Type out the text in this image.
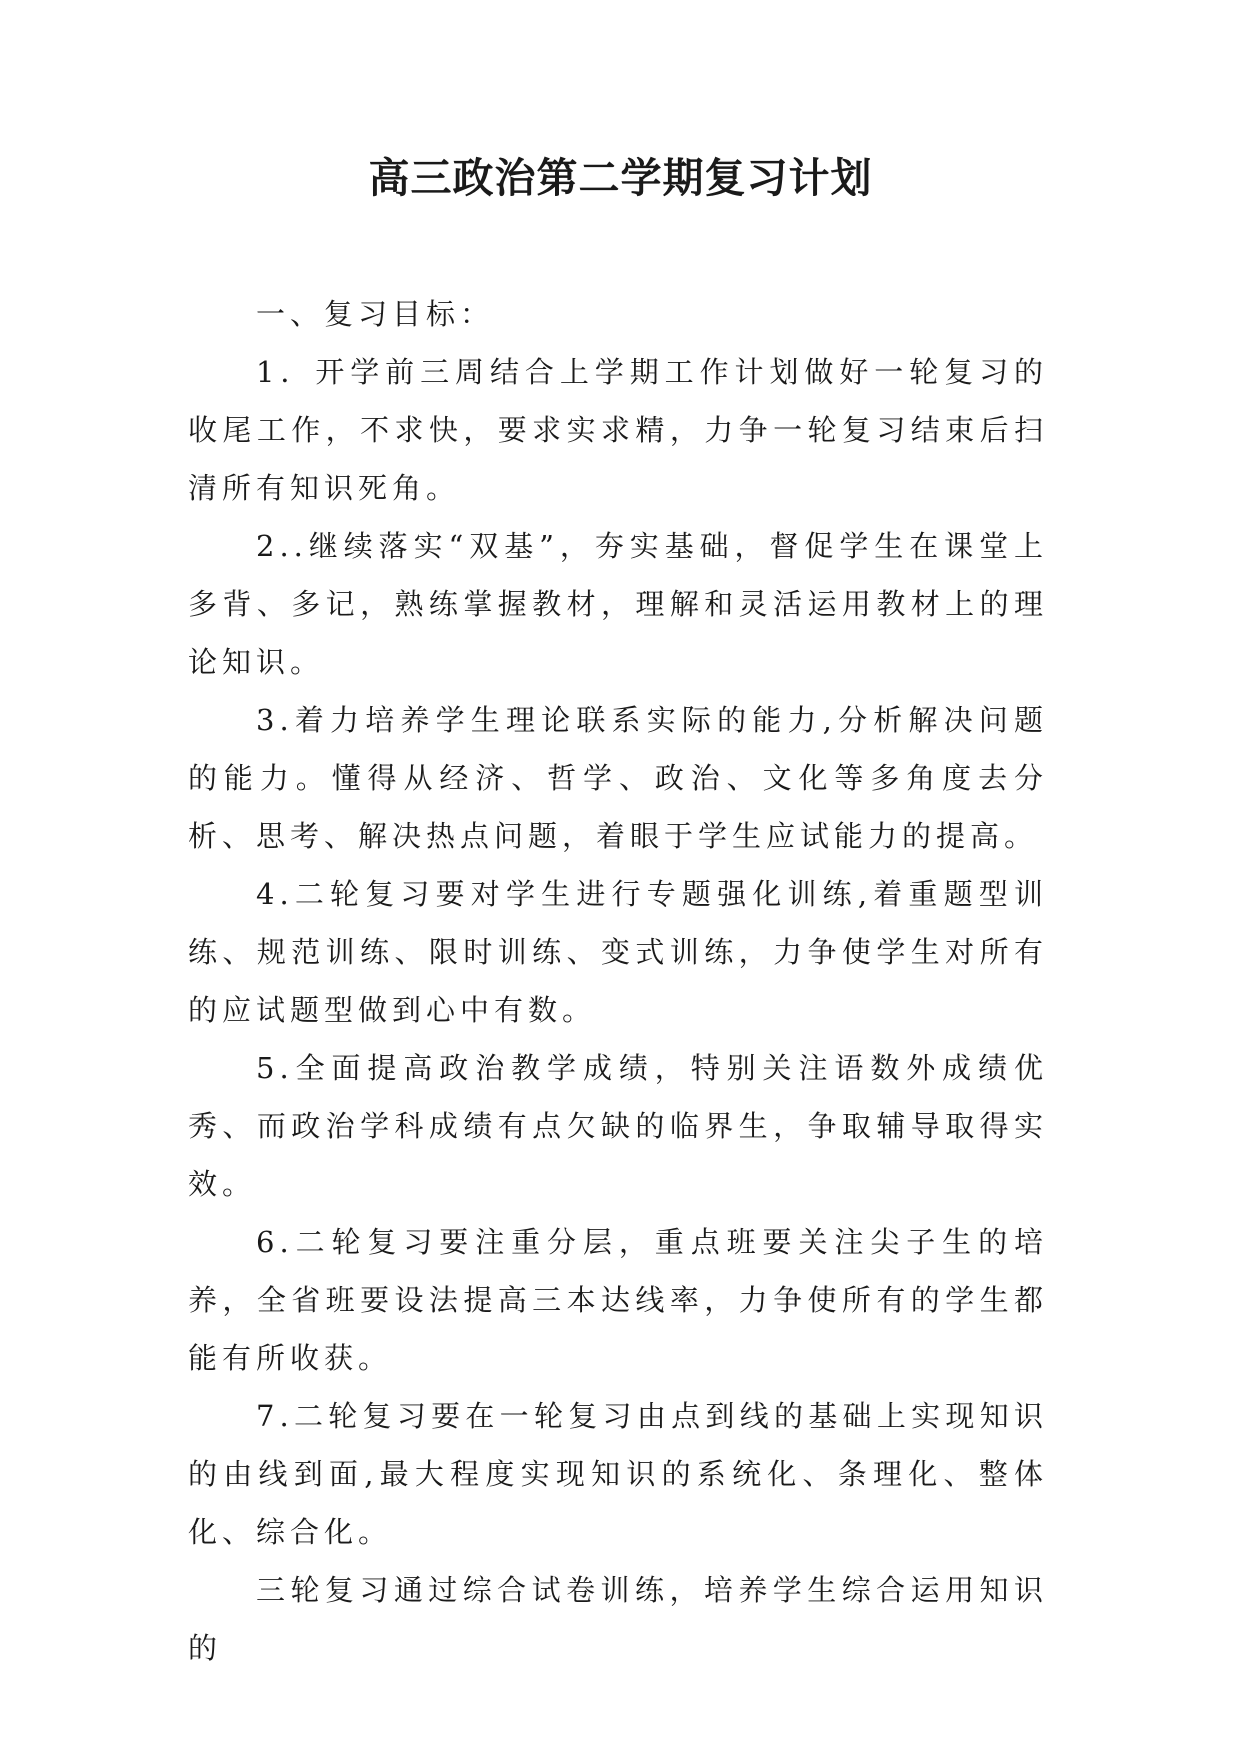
高三政治第二学期复习计划

一、复习目标：

1．开学前三周结合上学期工作计划做好一轮复习的收尾工作，不求快，要求实求精，力争一轮复习结束后扫清所有知识死角。

2..继续落实“双基”，夯实基础，督促学生在课堂上多背、多记，熟练掌握教材，理解和灵活运用教材上的理论知识。

3.着力培养学生理论联系实际的能力,分析解决问题的能力。懂得从经济、哲学、政治、文化等多角度去分析、思考、解决热点问题，着眼于学生应试能力的提高。

4.二轮复习要对学生进行专题强化训练,着重题型训练、规范训练、限时训练、变式训练，力争使学生对所有的应试题型做到心中有数。

5.全面提高政治教学成绩，特别关注语数外成绩优秀、而政治学科成绩有点欠缺的临界生，争取辅导取得实效。

6.二轮复习要注重分层，重点班要关注尖子生的培养，全省班要设法提高三本达线率，力争使所有的学生都能有所收获。

7.二轮复习要在一轮复习由点到线的基础上实现知识的由线到面,最大程度实现知识的系统化、条理化、整体化、综合化。

三轮复习通过综合试卷训练，培养学生综合运用知识的
